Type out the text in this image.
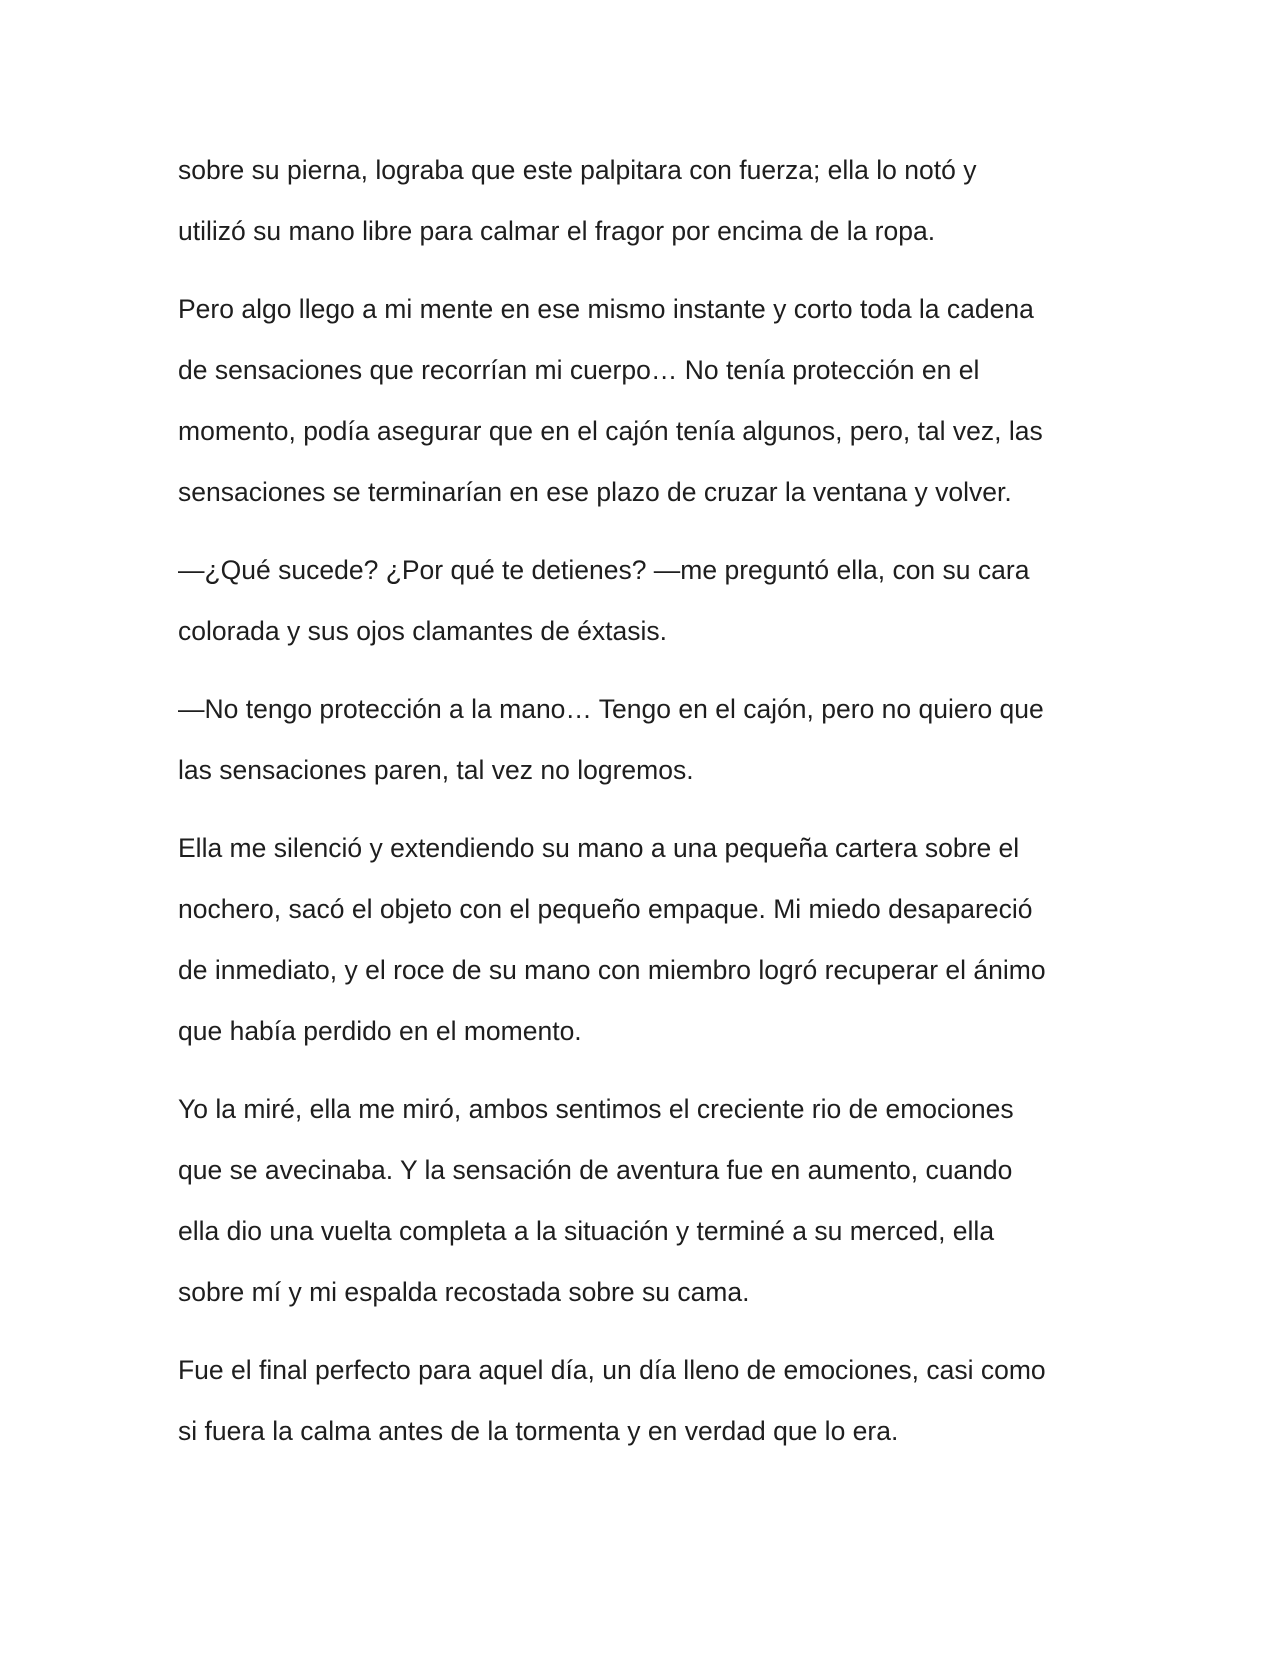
sobre su pierna, lograba que este palpitara con fuerza; ella lo notó y
utilizó su mano libre para calmar el fragor por encima de la ropa.

Pero algo llego a mi mente en ese mismo instante y corto toda la cadena
de sensaciones que recorrían mi cuerpo… No tenía protección en el
momento, podía asegurar que en el cajón tenía algunos, pero, tal vez, las
sensaciones se terminarían en ese plazo de cruzar la ventana y volver.

—¿Qué sucede? ¿Por qué te detienes? —me preguntó ella, con su cara
colorada y sus ojos clamantes de éxtasis.

—No tengo protección a la mano… Tengo en el cajón, pero no quiero que
las sensaciones paren, tal vez no logremos.

Ella me silenció y extendiendo su mano a una pequeña cartera sobre el
nochero, sacó el objeto con el pequeño empaque. Mi miedo desapareció
de inmediato, y el roce de su mano con miembro logró recuperar el ánimo
que había perdido en el momento.

Yo la miré, ella me miró, ambos sentimos el creciente rio de emociones
que se avecinaba. Y la sensación de aventura fue en aumento, cuando
ella dio una vuelta completa a la situación y terminé a su merced, ella
sobre mí y mi espalda recostada sobre su cama.

Fue el final perfecto para aquel día, un día lleno de emociones, casi como
si fuera la calma antes de la tormenta y en verdad que lo era.
